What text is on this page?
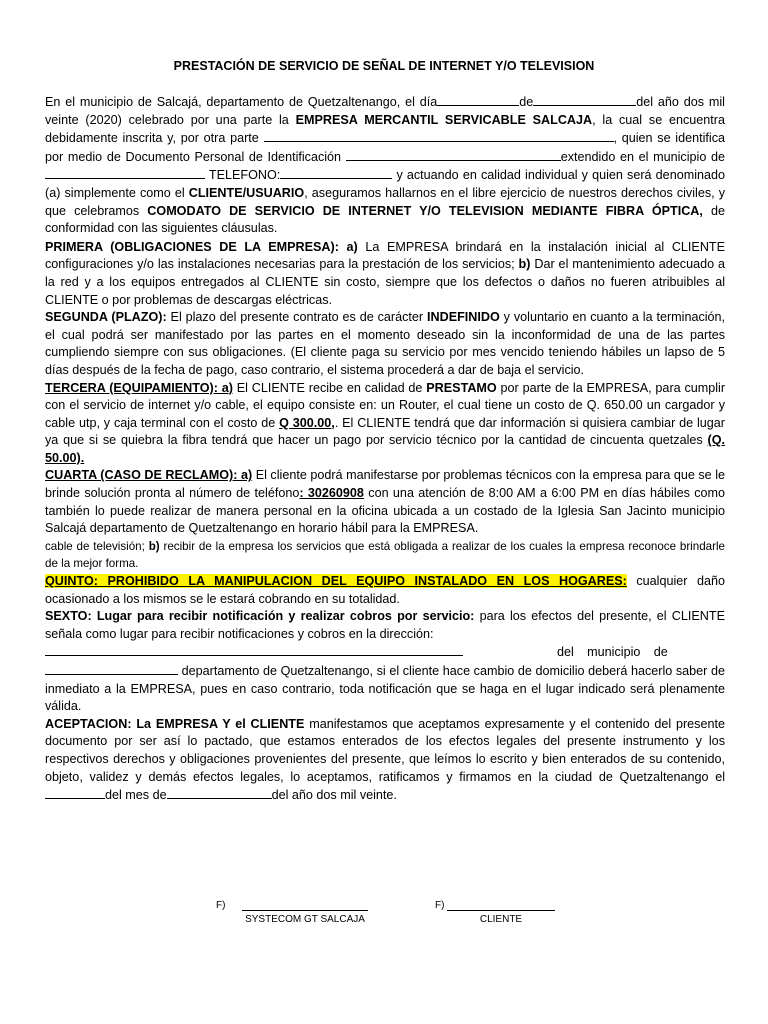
PRESTACIÓN DE SERVICIO DE SEÑAL DE INTERNET Y/O TELEVISION

En el municipio de Salcajá, departamento de Quetzaltenango, el día	de	del año dos mil veinte (2020) celebrado por una parte la EMPRESA MERCANTIL SERVICABLE SALCAJA, la cual se encuentra debidamente inscrita y, por otra parte	, quien se identifica por medio de Documento Personal de Identificación	extendido en el municipio de  TELEFONO:	y actuando en calidad individual y quien será denominado (a) simplemente como el CLIENTE/USUARIO, aseguramos hallarnos en el libre ejercicio de nuestros derechos civiles, y que celebramos COMODATO DE SERVICIO DE INTERNET Y/O TELEVISION MEDIANTE FIBRA ÓPTICA, de conformidad con las siguientes cláusulas.

PRIMERA (OBLIGACIONES DE LA EMPRESA): a) La EMPRESA brindará en la instalación inicial al CLIENTE configuraciones y/o las instalaciones necesarias para la prestación de los servicios; b) Dar el mantenimiento adecuado a la red y a los equipos entregados al CLIENTE sin costo, siempre que los defectos o daños no fueren atribuibles al CLIENTE o por problemas de descargas eléctricas.

SEGUNDA (PLAZO): El plazo del presente contrato es de carácter INDEFINIDO y voluntario en cuanto a la terminación, el cual podrá ser manifestado por las partes en el momento deseado sin la inconformidad de una de las partes cumpliendo siempre con sus obligaciones. (El cliente paga su servicio por mes vencido teniendo hábiles un lapso de 5 días después de la fecha de pago, caso contrario, el sistema procederá a dar de baja el servicio.

TERCERA (EQUIPAMIENTO): a) El CLIENTE recibe en calidad de PRESTAMO por parte de la EMPRESA, para cumplir con el servicio de internet y/o cable, el equipo consiste en: un Router, el cual tiene un costo de Q. 650.00 un cargador y cable utp, y caja terminal con el costo de Q 300.00,. El CLIENTE tendrá que dar información si quisiera cambiar de lugar ya que si se quiebra la fibra tendrá que hacer un pago por servicio técnico por la cantidad de cincuenta quetzales (Q. 50.00).

CUARTA (CASO DE RECLAMO): a) El cliente podrá manifestarse por problemas técnicos con la empresa para que se le brinde solución pronta al número de teléfono: 30260908 con una atención de 8:00 AM a 6:00 PM en días hábiles como también lo puede realizar de manera personal en la oficina ubicada a un costado de la Iglesia San Jacinto municipio Salcajá departamento de Quetzaltenango en horario hábil para la EMPRESA.

cable de televisión; b) recibir de la empresa los servicios que está obligada a realizar de los cuales la empresa reconoce brindarle de la mejor forma.

QUINTO: PROHIBIDO LA MANIPULACION DEL EQUIPO INSTALADO EN LOS HOGARES: cualquier daño ocasionado a los mismos se le estará cobrando en su totalidad.

SEXTO: Lugar para recibir notificación y realizar cobros por servicio: para los efectos del presente, el CLIENTE señala como lugar para recibir notificaciones y cobros en la dirección:
del municipio de       departamento de Quetzaltenango, si el cliente hace cambio de domicilio deberá hacerlo saber de inmediato a la EMPRESA, pues en caso contrario, toda notificación que se haga en el lugar indicado será plenamente válida.

ACEPTACION: La EMPRESA Y el CLIENTE manifestamos que aceptamos expresamente y el contenido del presente documento por ser así lo pactado, que estamos enterados de los efectos legales del presente instrumento y los respectivos derechos y obligaciones provenientes del presente, que leímos lo escrito y bien enterados de su contenido, objeto, validez y demás efectos legales, lo aceptamos, ratificamos y firmamos en la ciudad de Quetzaltenango el del mes de	del año dos mil veinte.

F)
SYSTECOM GT SALCAJA
F)
CLIENTE
